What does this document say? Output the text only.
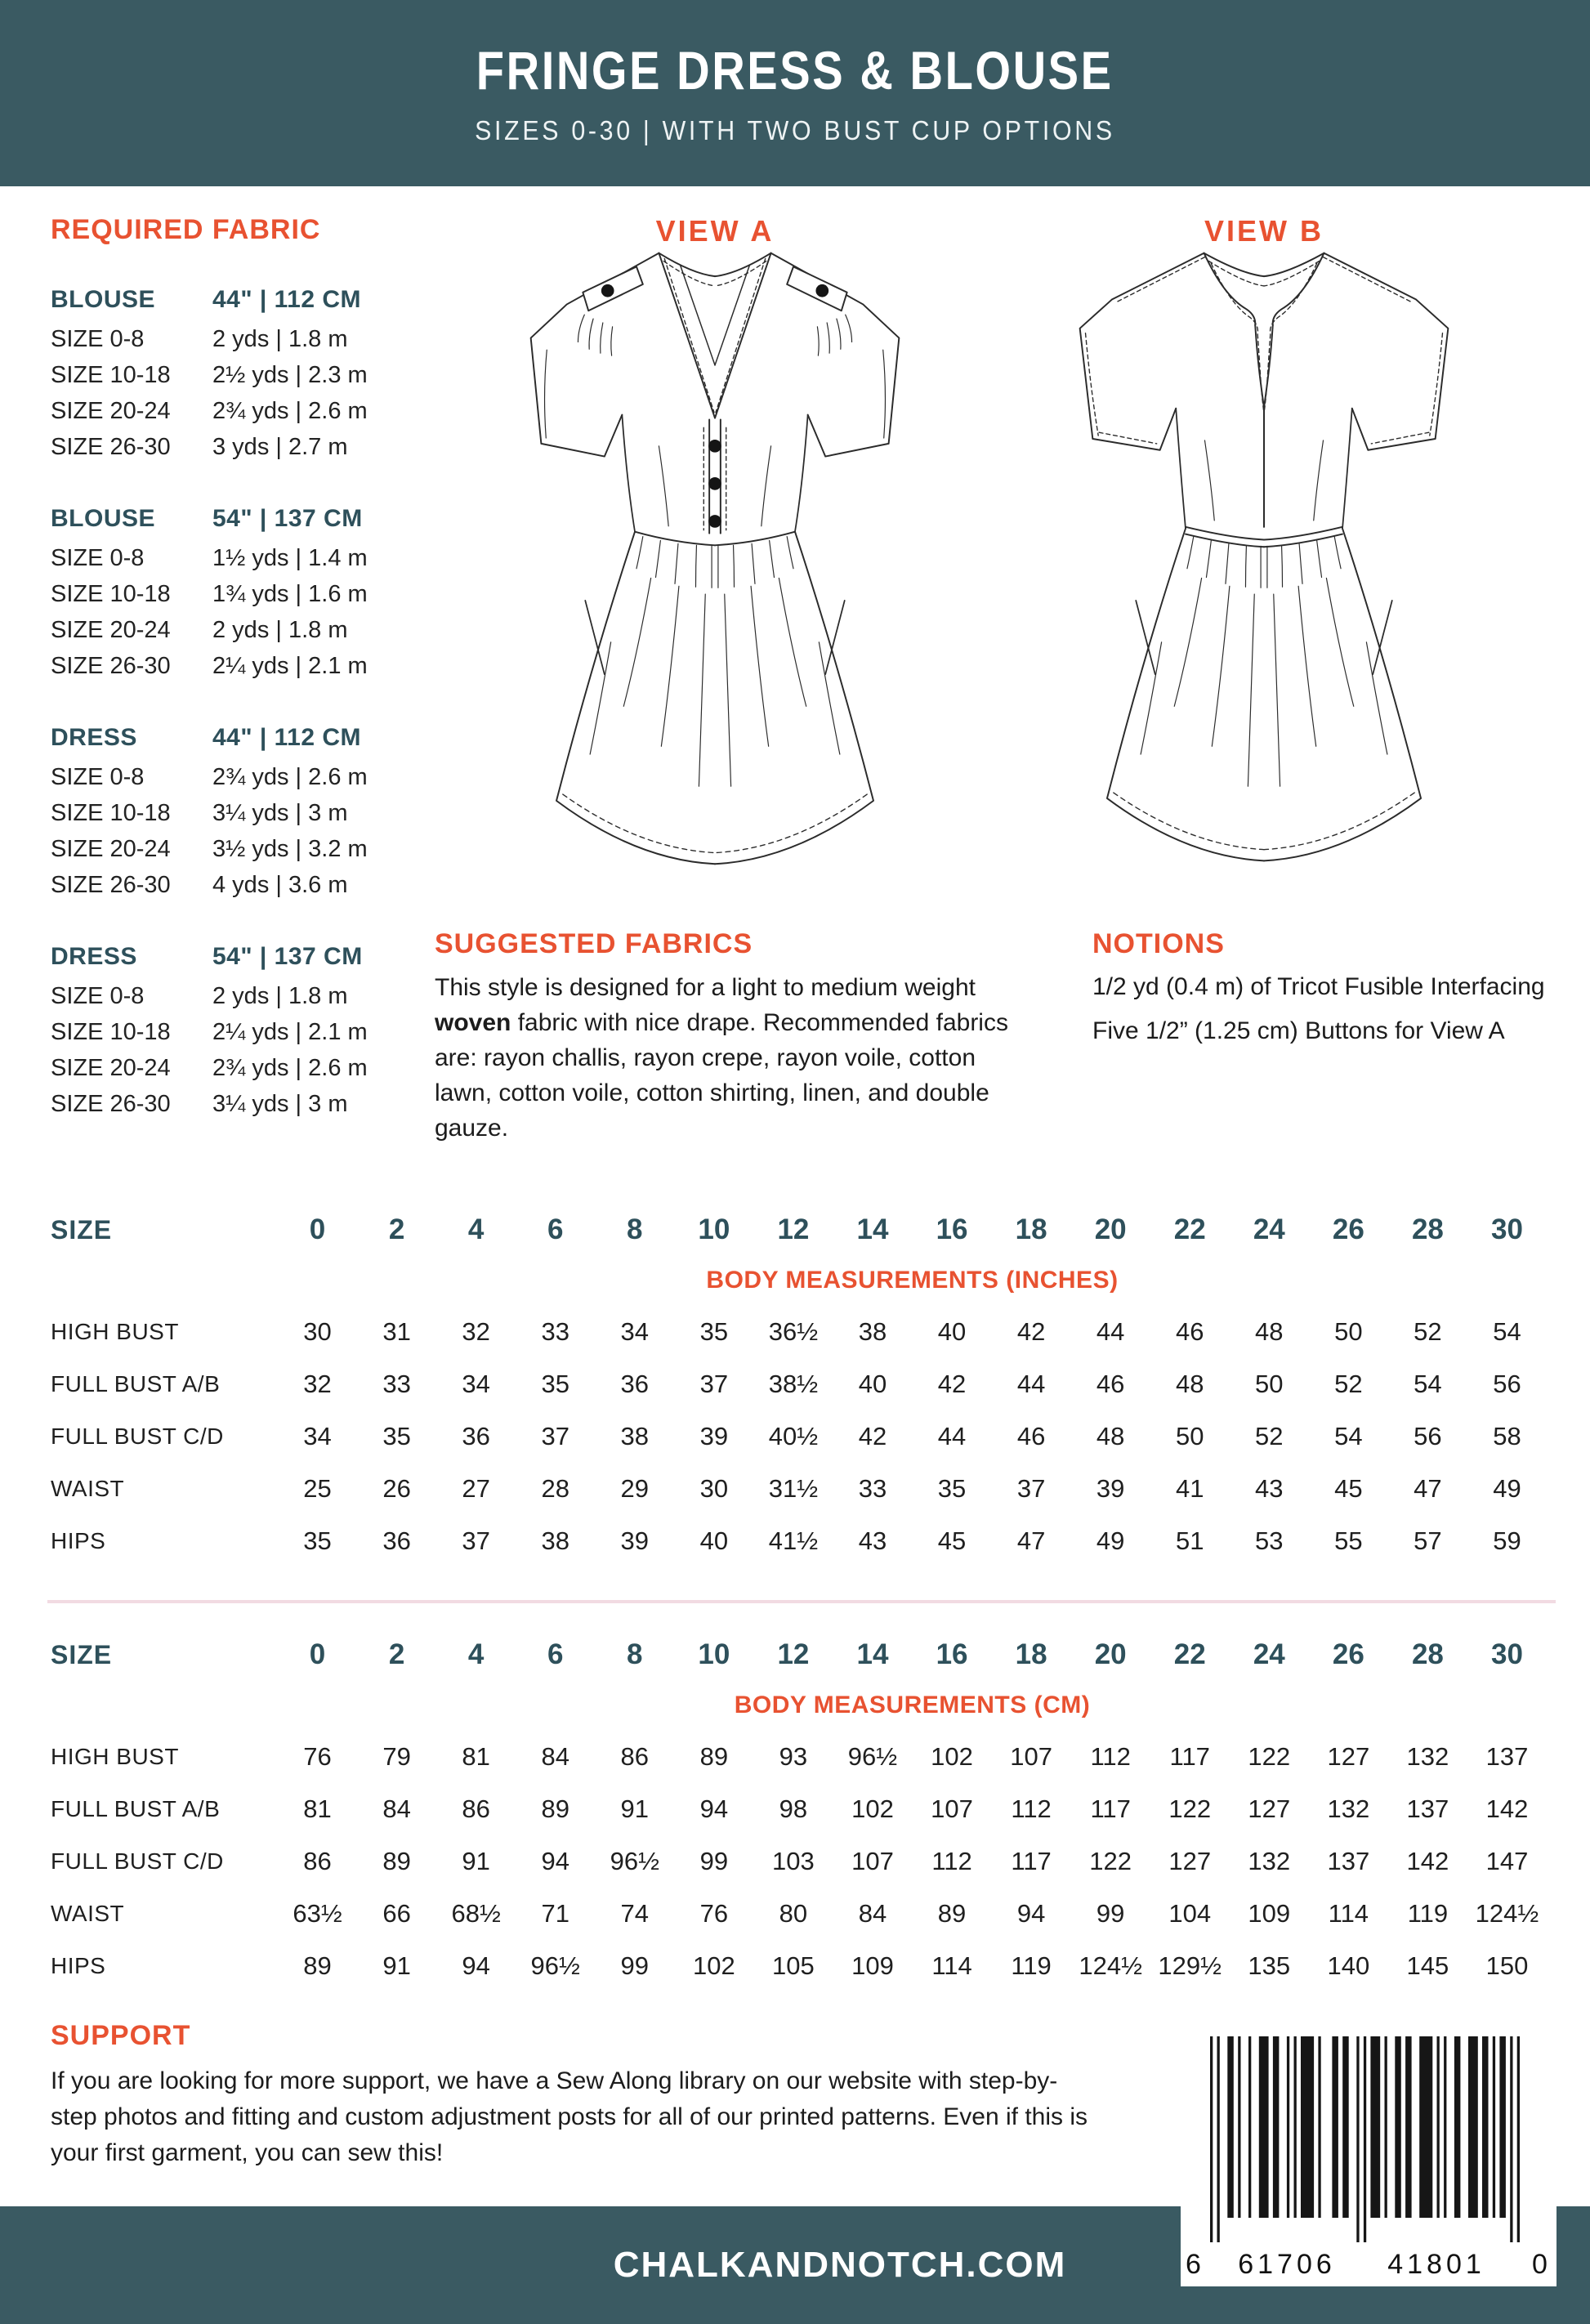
FRINGE DRESS & BLOUSE
SIZES 0-30 | WITH TWO BUST CUP OPTIONS
REQUIRED FABRIC
BLOUSE	44" | 112 CM
SIZE 0-8	2 yds | 1.8 m
SIZE 10-18	2½ yds | 2.3 m
SIZE 20-24	2¾ yds | 2.6 m
SIZE 26-30	3 yds | 2.7 m
BLOUSE	54" | 137 CM
SIZE 0-8	1½ yds | 1.4 m
SIZE 10-18	1¾ yds | 1.6 m
SIZE 20-24	2 yds | 1.8 m
SIZE 26-30	2¼ yds | 2.1 m
DRESS	44" | 112 CM
SIZE 0-8	2¾ yds | 2.6 m
SIZE 10-18	3¼ yds | 3 m
SIZE 20-24	3½ yds | 3.2 m
SIZE 26-30	4 yds | 3.6 m
DRESS	54" | 137 CM
SIZE 0-8	2 yds | 1.8 m
SIZE 10-18	2¼ yds | 2.1 m
SIZE 20-24	2¾ yds | 2.6 m
SIZE 26-30	3¼ yds | 3 m
VIEW A	VIEW B
SUGGESTED FABRICS

This style is designed for a light to medium weight woven fabric with nice drape. Recommended fabrics are: rayon challis, rayon crepe, rayon voile, cotton lawn, cotton voile, cotton shirting, linen, and double gauze.

NOTIONS

1/2 yd (0.4 m) of Tricot Fusible Interfacing

Five 1/2” (1.25 cm) Buttons for View A

SIZE	0	2	4	6	8	10	12	14	16	18	20	22	24	26	28	30
	BODY MEASUREMENTS (INCHES)															
HIGH BUST	30	31	32	33	34	35	36½	38	40	42	44	46	48	50	52	54
FULL BUST A/B	32	33	34	35	36	37	38½	40	42	44	46	48	50	52	54	56
FULL BUST C/D	34	35	36	37	38	39	40½	42	44	46	48	50	52	54	56	58
WAIST	25	26	27	28	29	30	31½	33	35	37	39	41	43	45	47	49
HIPS	35	36	37	38	39	40	41½	43	45	47	49	51	53	55	57	59
SIZE	0	2	4	6	8	10	12	14	16	18	20	22	24	26	28	30
	BODY MEASUREMENTS (CM)															
HIGH BUST	76	79	81	84	86	89	93	96½	102	107	112	117	122	127	132	137
FULL BUST A/B	81	84	86	89	91	94	98	102	107	112	117	122	127	132	137	142
FULL BUST C/D	86	89	91	94	96½	99	103	107	112	117	122	127	132	137	142	147
WAIST	63½	66	68½	71	74	76	80	84	89	94	99	104	109	114	119	124½
HIPS	89	91	94	96½	99	102	105	109	114	119	124½	129½	135	140	145	150
SUPPORT

If you are looking for more support, we have a Sew Along library on our website with step-by-step photos and fitting and custom adjustment posts for all of our printed patterns. Even if this is your first garment, you can sew this!

CHALKANDNOTCH.COM	6 61706 41801 0
